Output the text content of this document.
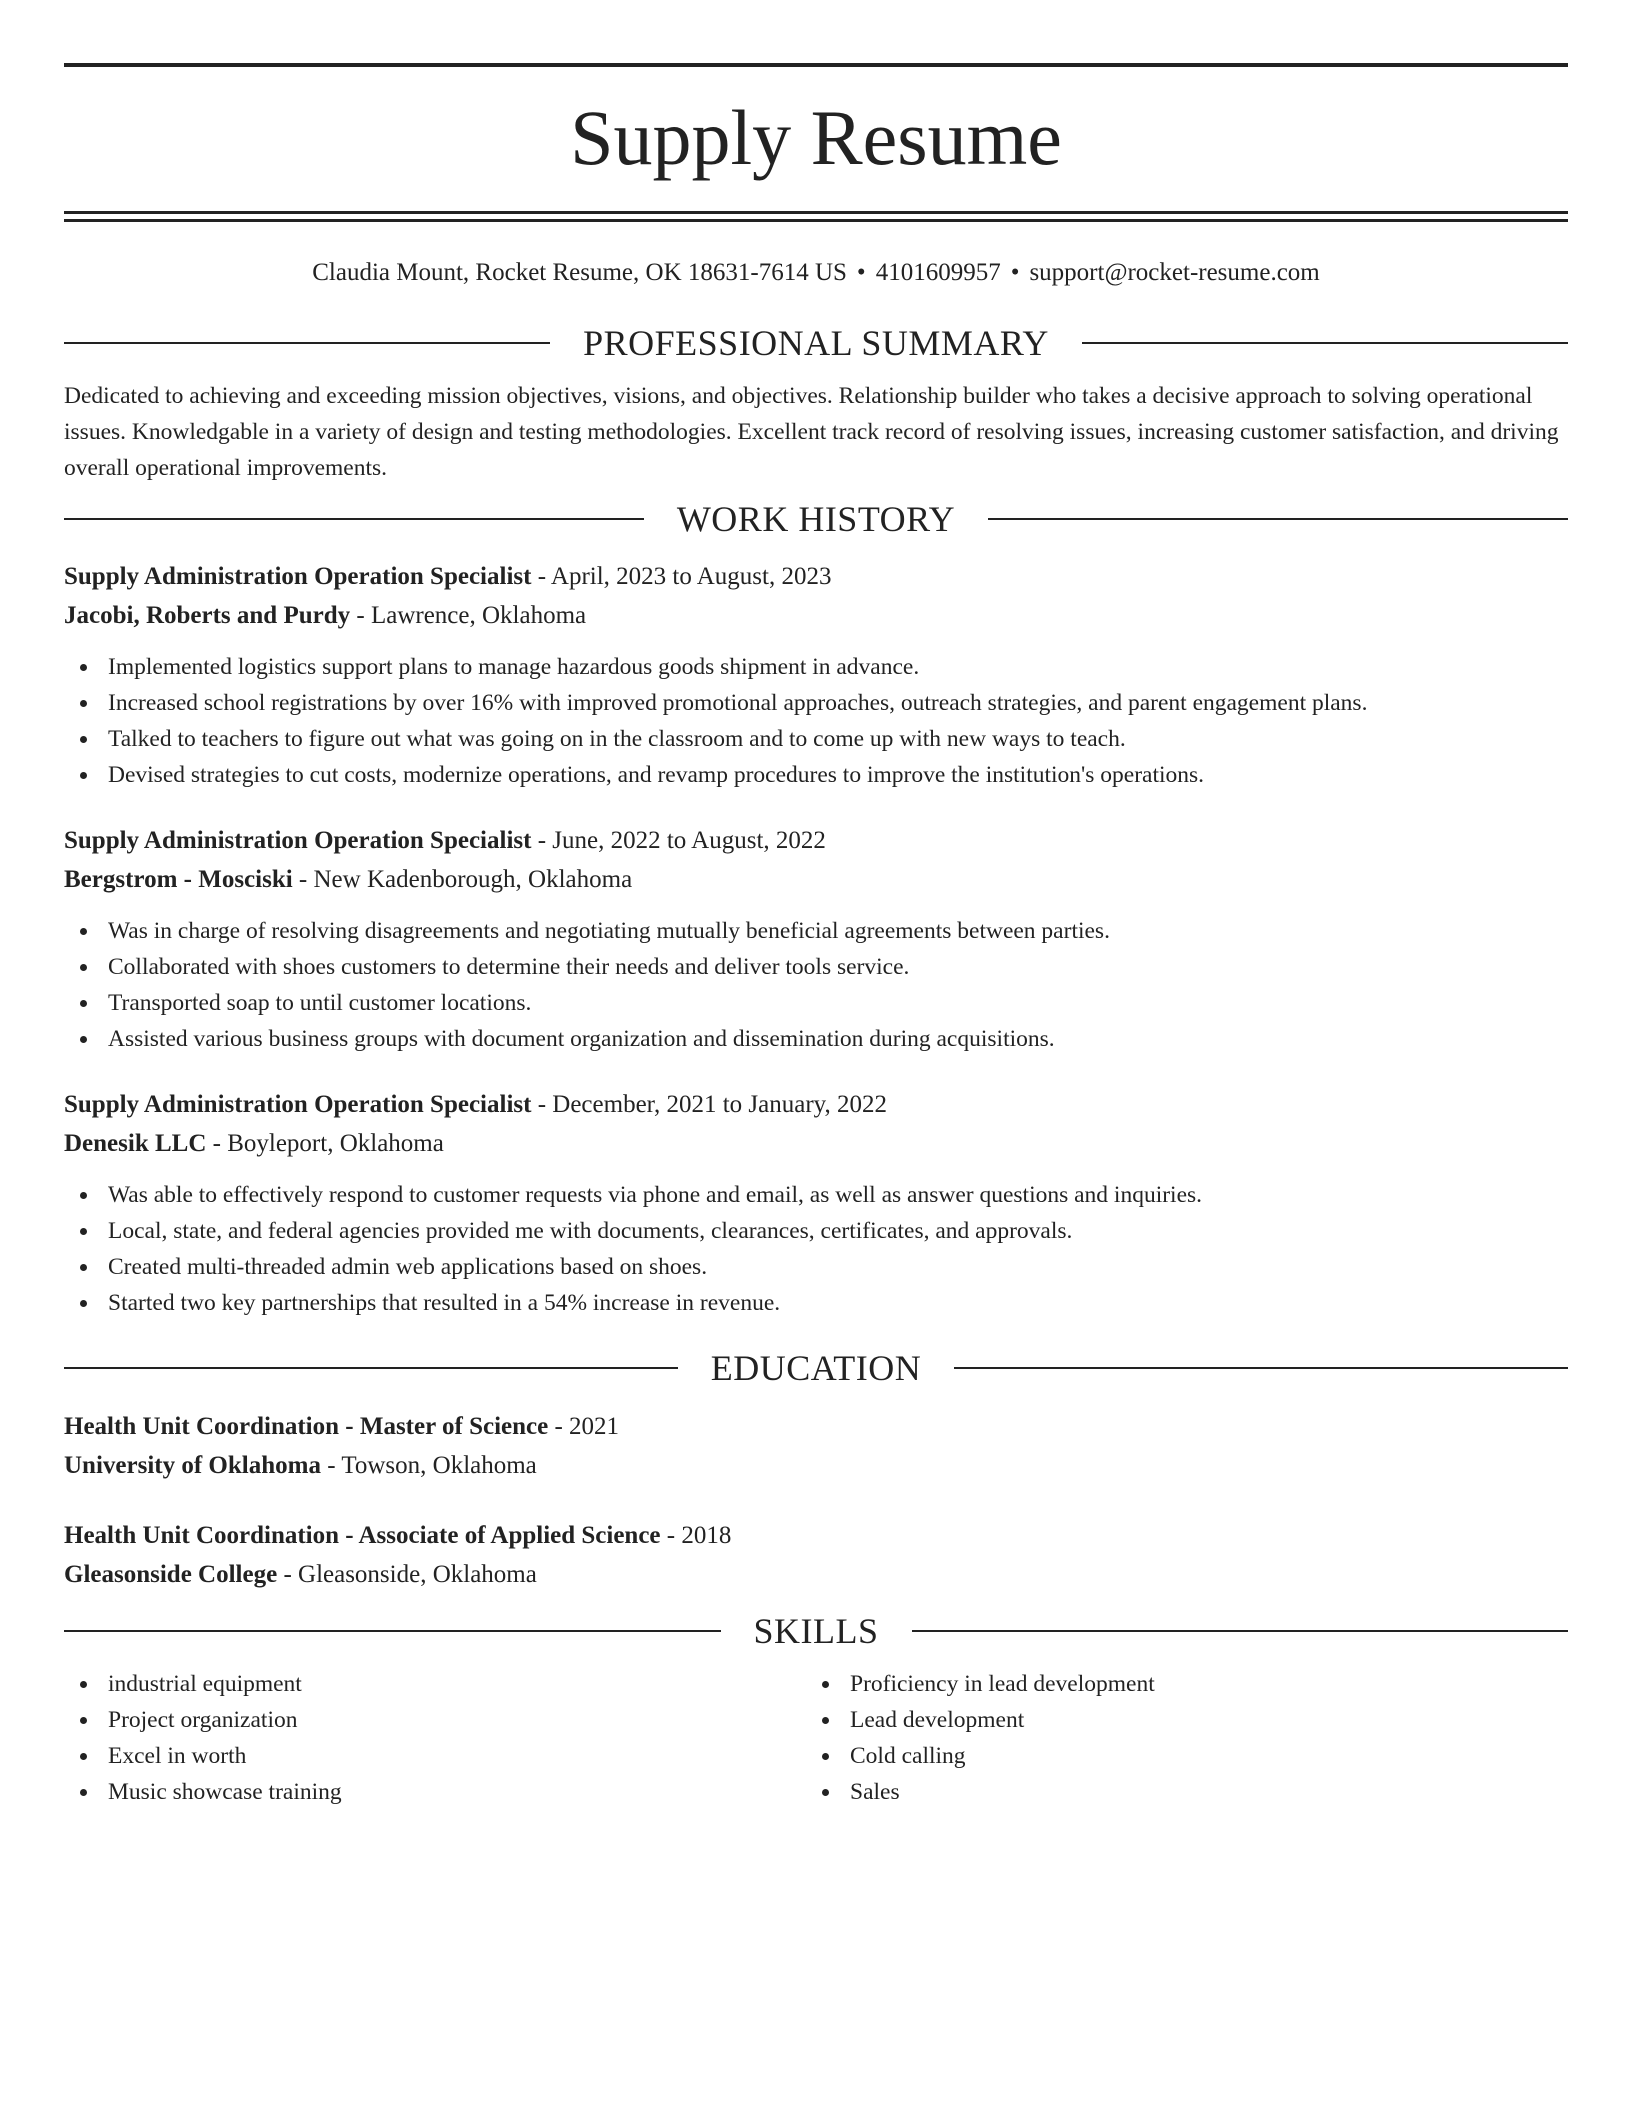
Supply Resume
Claudia Mount, Rocket Resume, OK 18631-7614 US • 4101609957 • support@rocket-resume.com
PROFESSIONAL SUMMARY

Dedicated to achieving and exceeding mission objectives, visions, and objectives. Relationship builder who takes a decisive approach to solving operational issues. Knowledgable in a variety of design and testing methodologies. Excellent track record of resolving issues, increasing customer satisfaction, and driving overall operational improvements.

WORK HISTORY
Supply Administration Operation Specialist - April, 2023 to August, 2023
Jacobi, Roberts and Purdy - Lawrence, Oklahoma
Implemented logistics support plans to manage hazardous goods shipment in advance.
Increased school registrations by over 16% with improved promotional approaches, outreach strategies, and parent engagement plans.
Talked to teachers to figure out what was going on in the classroom and to come up with new ways to teach.
Devised strategies to cut costs, modernize operations, and revamp procedures to improve the institution's operations.
Supply Administration Operation Specialist - June, 2022 to August, 2022
Bergstrom - Mosciski - New Kadenborough, Oklahoma
Was in charge of resolving disagreements and negotiating mutually beneficial agreements between parties.
Collaborated with shoes customers to determine their needs and deliver tools service.
Transported soap to until customer locations.
Assisted various business groups with document organization and dissemination during acquisitions.
Supply Administration Operation Specialist - December, 2021 to January, 2022
Denesik LLC - Boyleport, Oklahoma
Was able to effectively respond to customer requests via phone and email, as well as answer questions and inquiries.
Local, state, and federal agencies provided me with documents, clearances, certificates, and approvals.
Created multi-threaded admin web applications based on shoes.
Started two key partnerships that resulted in a 54% increase in revenue.
EDUCATION
Health Unit Coordination - Master of Science - 2021
University of Oklahoma - Towson, Oklahoma
Health Unit Coordination - Associate of Applied Science - 2018
Gleasonside College - Gleasonside, Oklahoma
SKILLS
industrial equipment
Project organization
Excel in worth
Music showcase training
Proficiency in lead development
Lead development
Cold calling
Sales
